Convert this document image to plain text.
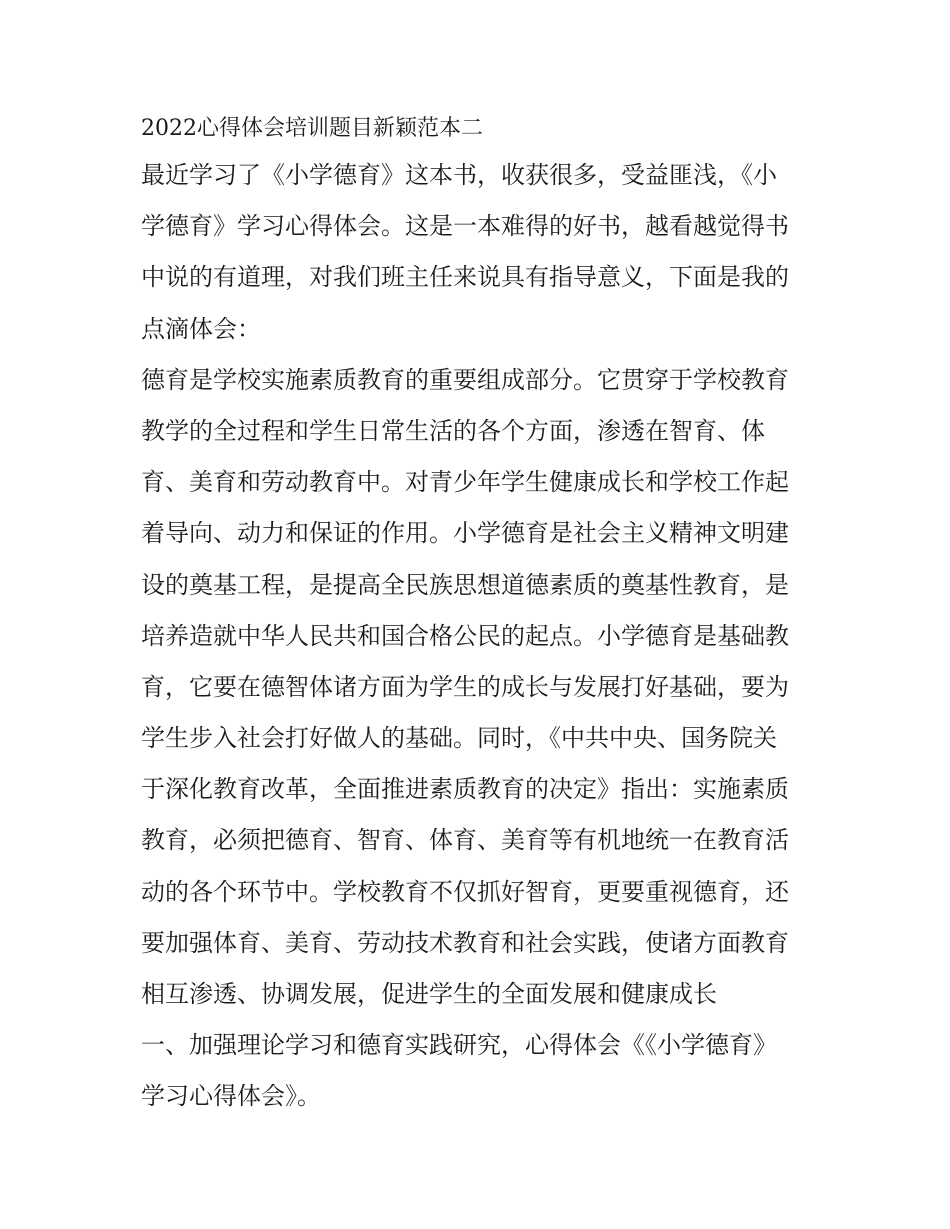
2022心得体会培训题目新颖范本二

最近学习了《小学德育》这本书，收获很多，受益匪浅，《小

学德育》学习心得体会。这是一本难得的好书，越看越觉得书

中说的有道理，对我们班主任来说具有指导意义，下面是我的

点滴体会：

德育是学校实施素质教育的重要组成部分。它贯穿于学校教育

教学的全过程和学生日常生活的各个方面，渗透在智育、体

育、美育和劳动教育中。对青少年学生健康成长和学校工作起

着导向、动力和保证的作用。小学德育是社会主义精神文明建

设的奠基工程，是提高全民族思想道德素质的奠基性教育，是

培养造就中华人民共和国合格公民的起点。小学德育是基础教

育，它要在德智体诸方面为学生的成长与发展打好基础，要为

学生步入社会打好做人的基础。同时，《中共中央、国务院关

于深化教育改革，全面推进素质教育的决定》指出：实施素质

教育，必须把德育、智育、体育、美育等有机地统一在教育活

动的各个环节中。学校教育不仅抓好智育，更要重视德育，还

要加强体育、美育、劳动技术教育和社会实践，使诸方面教育

相互渗透、协调发展，促进学生的全面发展和健康成长

一、加强理论学习和德育实践研究，心得体会《《小学德育》

学习心得体会》。
